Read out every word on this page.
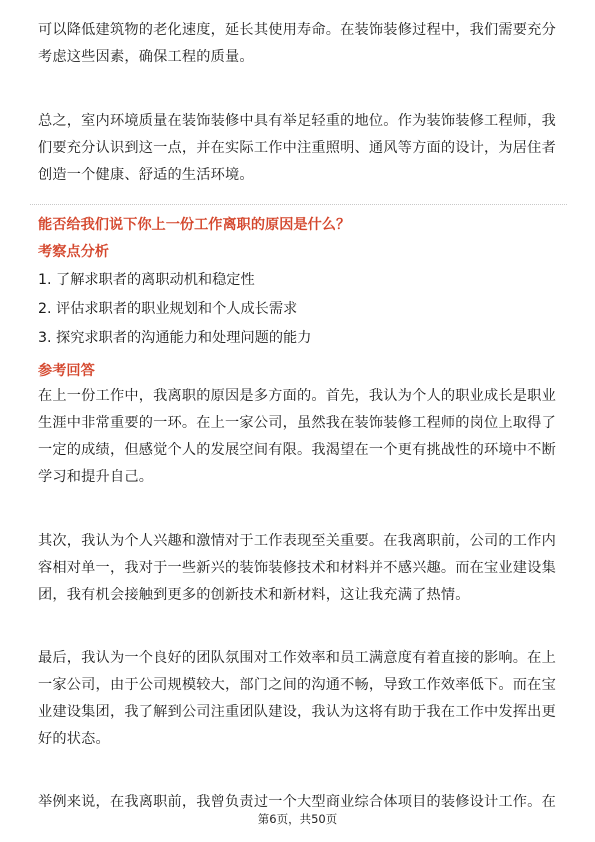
可以降低建筑物的老化速度，延长其使用寿命。在装饰装修过程中，我们需要充分
考虑这些因素，确保工程的质量。
总之，室内环境质量在装饰装修中具有举足轻重的地位。作为装饰装修工程师，我
们要充分认识到这一点，并在实际工作中注重照明、通风等方面的设计，为居住者
创造一个健康、舒适的生活环境。

能否给我们说下你上一份工作离职的原因是什么？

考察点分析

1. 了解求职者的离职动机和稳定性
2. 评估求职者的职业规划和个人成长需求
3. 探究求职者的沟通能力和处理问题的能力

参考回答

在上一份工作中，我离职的原因是多方面的。首先，我认为个人的职业成长是职业
生涯中非常重要的一环。在上一家公司，虽然我在装饰装修工程师的岗位上取得了
一定的成绩，但感觉个人的发展空间有限。我渴望在一个更有挑战性的环境中不断
学习和提升自己。
其次，我认为个人兴趣和激情对于工作表现至关重要。在我离职前，公司的工作内
容相对单一，我对于一些新兴的装饰装修技术和材料并不感兴趣。而在宝业建设集
团，我有机会接触到更多的创新技术和新材料，这让我充满了热情。
最后，我认为一个良好的团队氛围对工作效率和员工满意度有着直接的影响。在上
一家公司，由于公司规模较大，部门之间的沟通不畅，导致工作效率低下。而在宝
业建设集团，我了解到公司注重团队建设，我认为这将有助于我在工作中发挥出更
好的状态。
举例来说，在我离职前，我曾负责过一个大型商业综合体项目的装修设计工作。在
第6页，共50页
